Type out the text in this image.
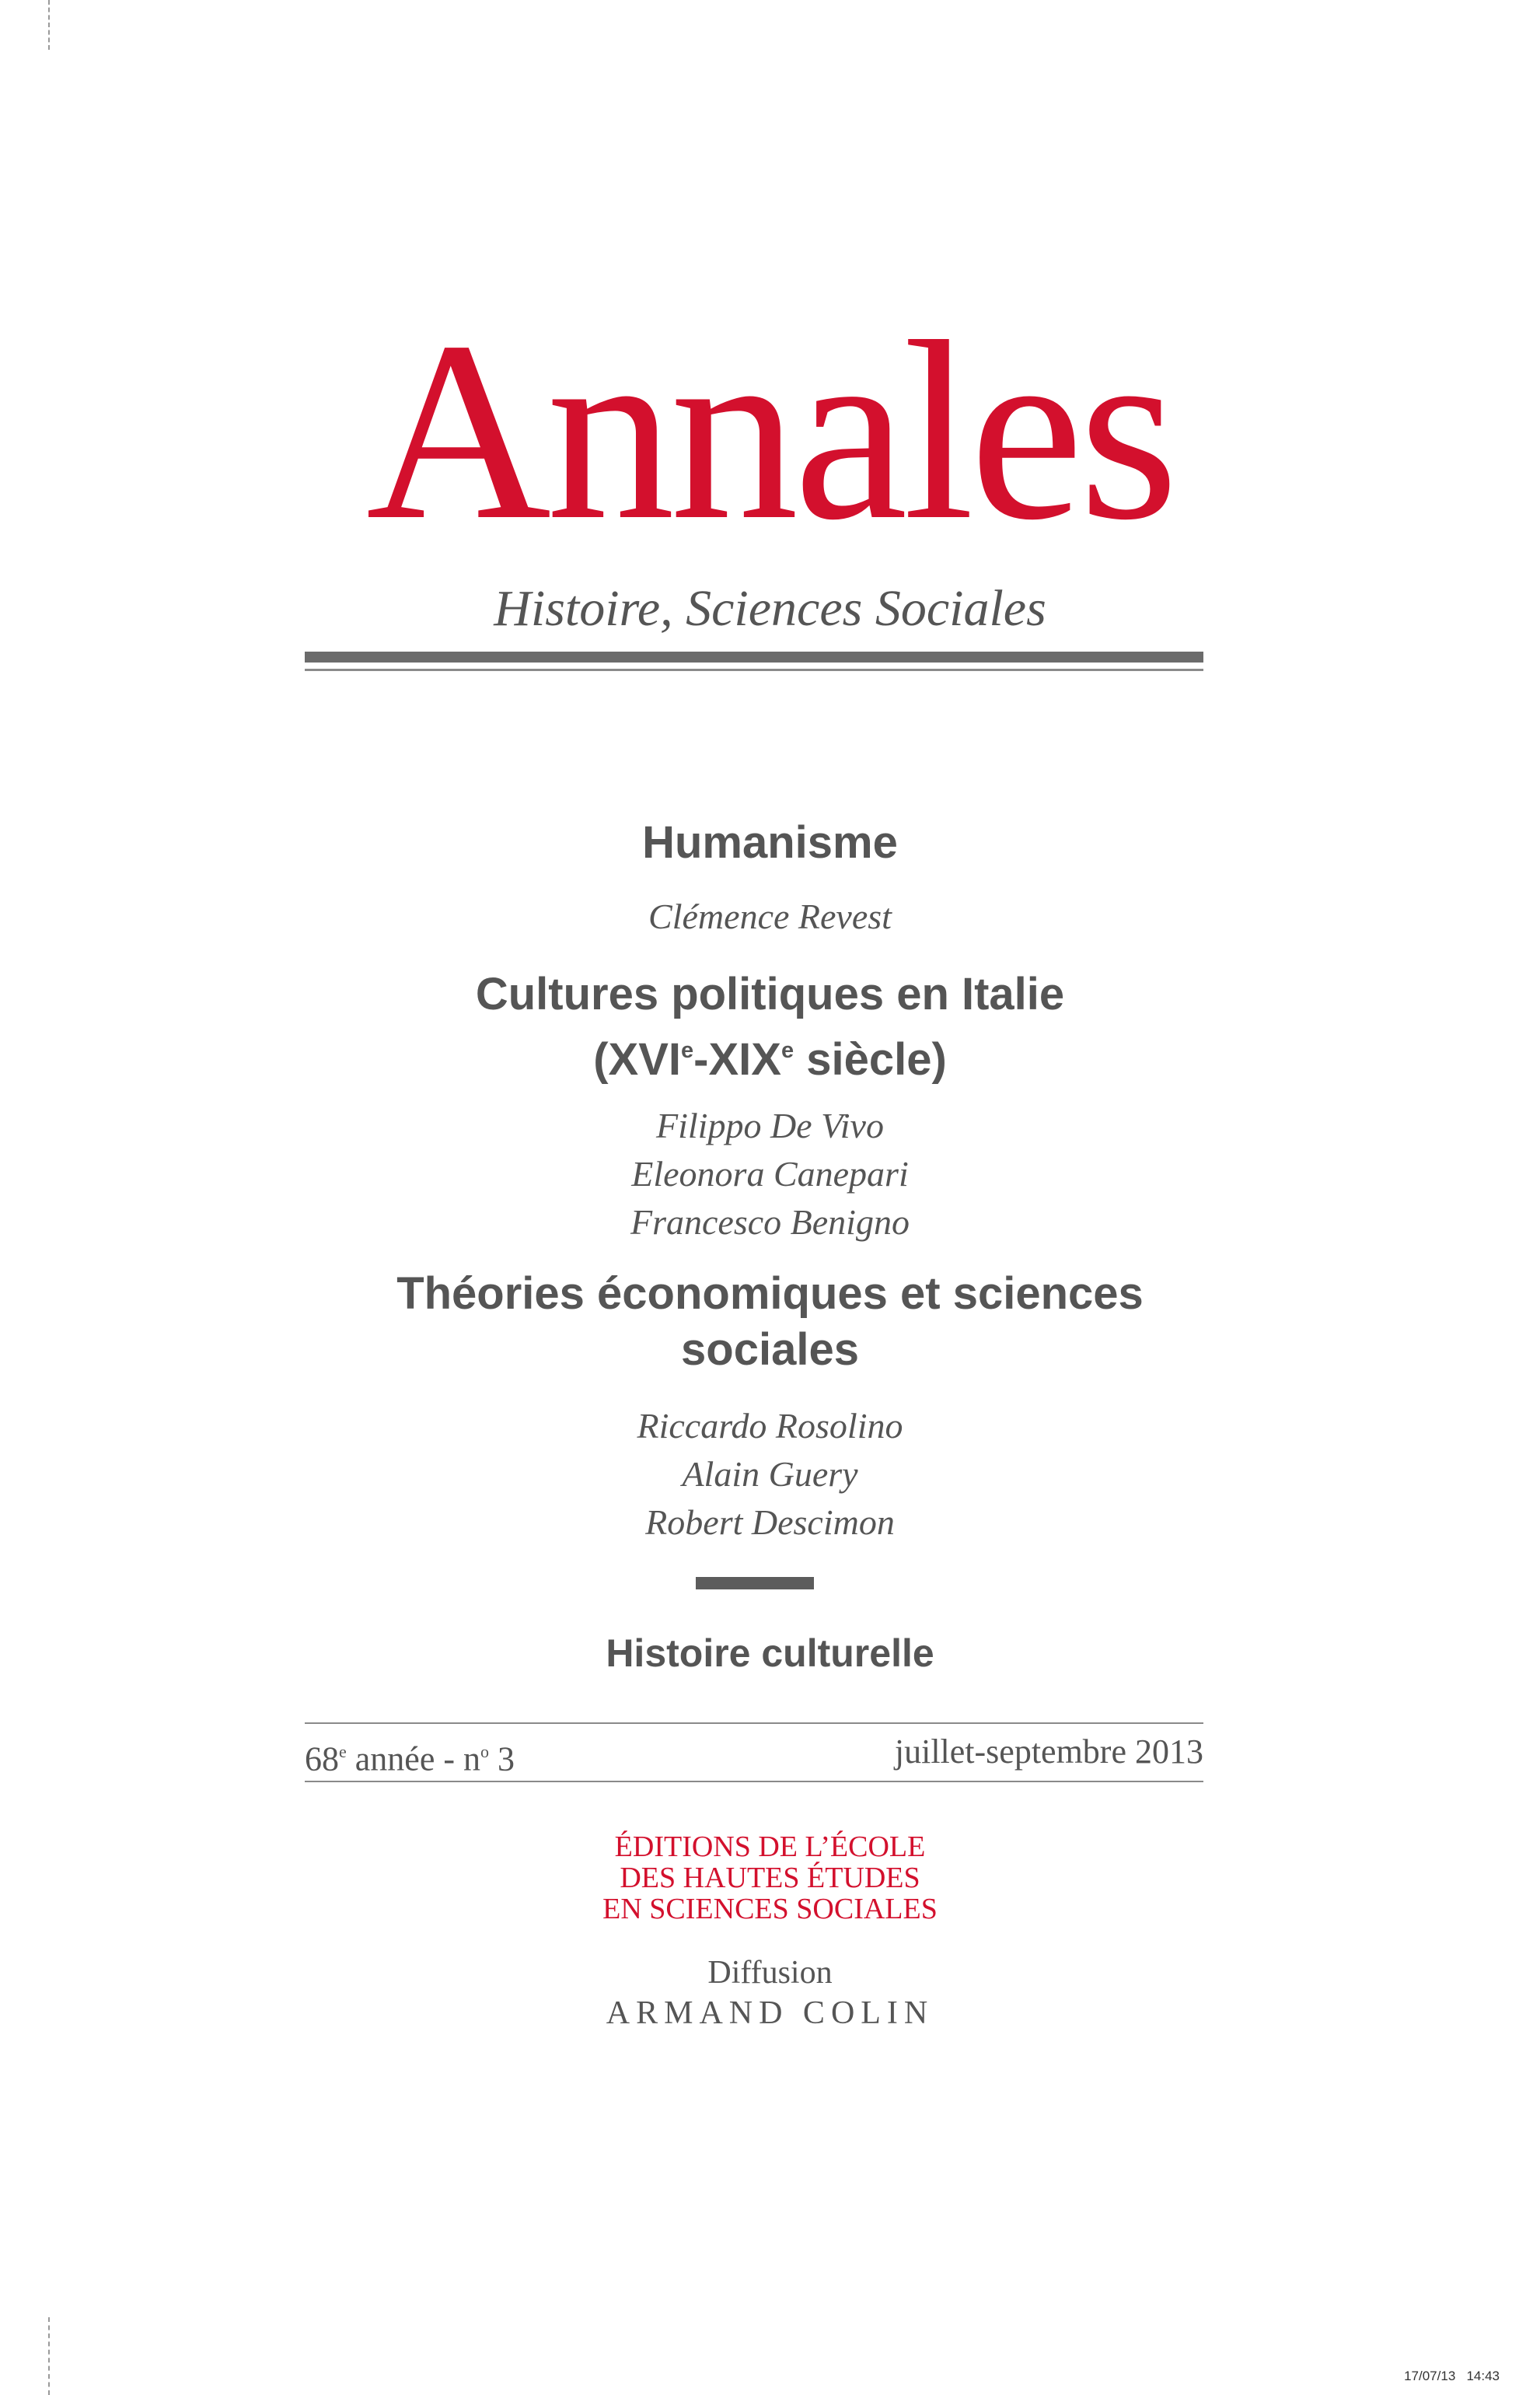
Annales
Histoire, Sciences Sociales
Humanisme
Clémence Revest
Cultures politiques en Italie
(XVIe-XIXe siècle)
Filippo De Vivo
Eleonora Canepari
Francesco Benigno
Théories économiques et sciences
sociales
Riccardo Rosolino
Alain Guery
Robert Descimon
Histoire culturelle
68e année - $n^o$ 3	juillet-septembre 2013
ÉDITIONS DE L’ÉCOLE
DES HAUTES ÉTUDES
EN SCIENCES SOCIALES
Diffusion
ARMAND COLIN
17/07/13 14:43
